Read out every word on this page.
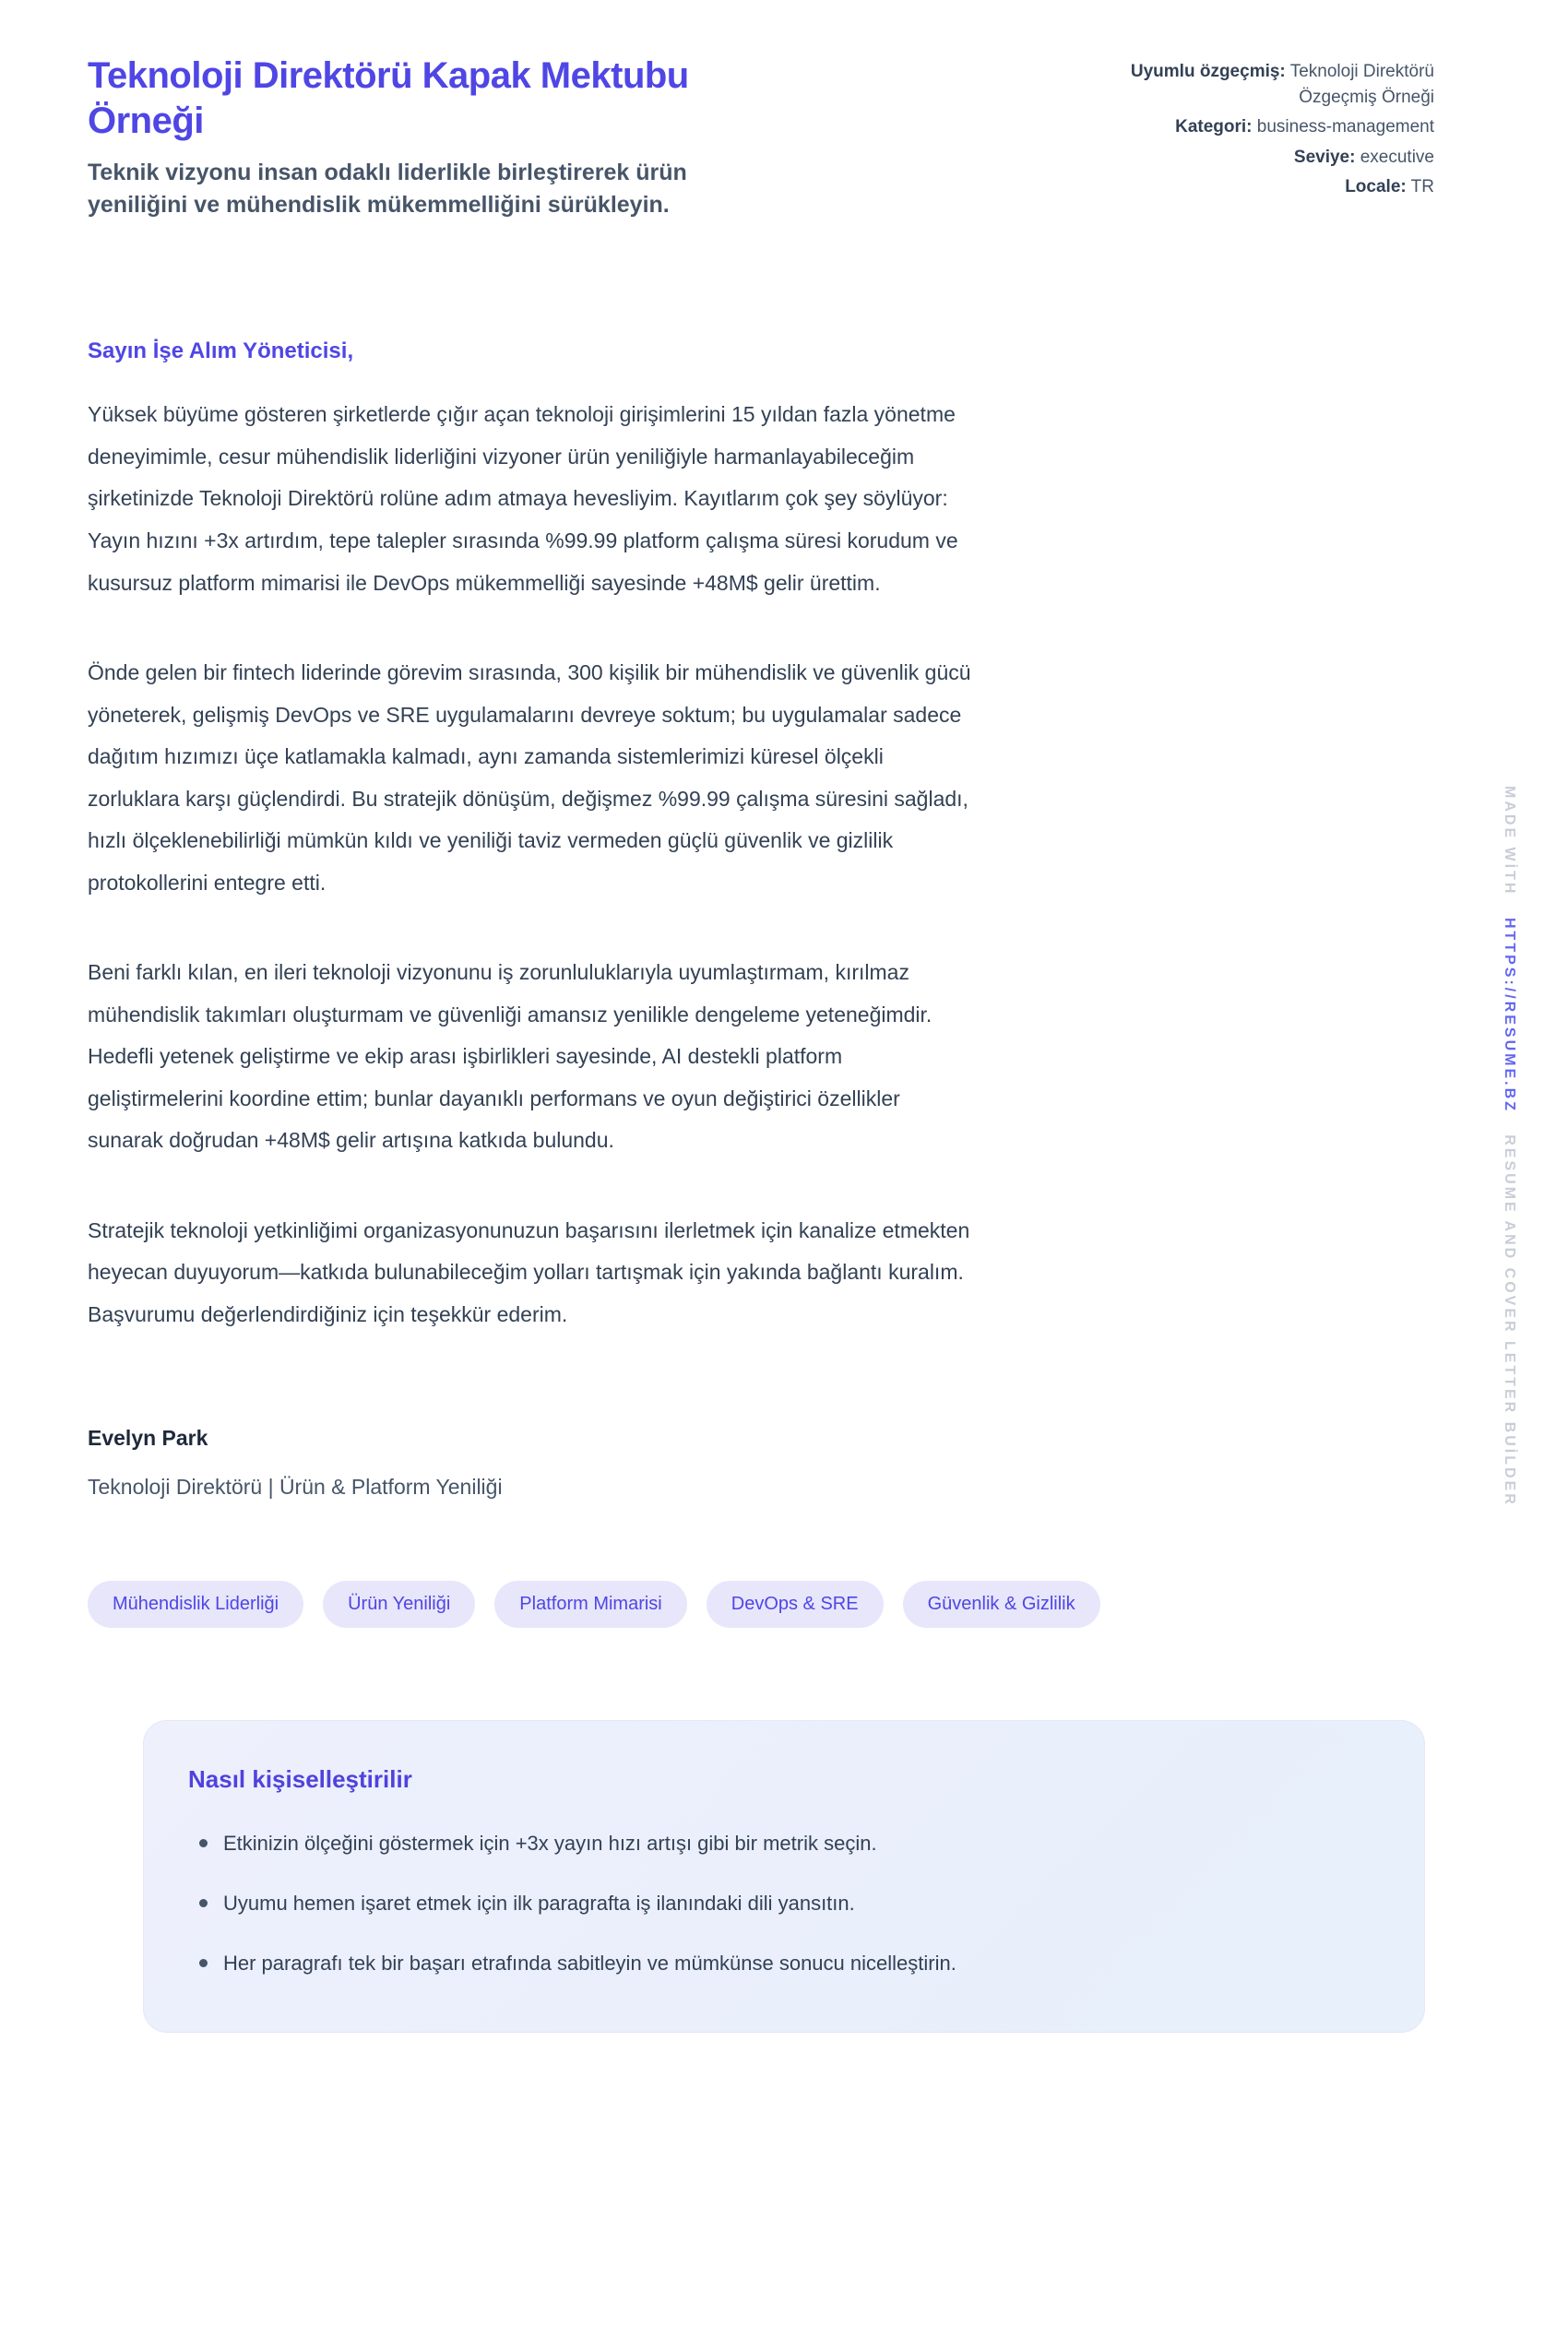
Teknoloji Direktörü Kapak Mektubu Örneği
Teknik vizyonu insan odaklı liderlikle birleştirerek ürün yeniliğini ve mühendislik mükemmelliğini sürükleyin.
Uyumlu özgeçmiş: Teknoloji Direktörü Özgeçmiş Örneği
Kategori: business-management
Seviye: executive
Locale: TR
Sayın İşe Alım Yöneticisi,

Yüksek büyüme gösteren şirketlerde çığır açan teknoloji girişimlerini 15 yıldan fazla yönetme deneyimimle, cesur mühendislik liderliğini vizyoner ürün yeniliğiyle harmanlayabileceğim şirketinizde Teknoloji Direktörü rolüne adım atmaya hevesliyim. Kayıtlarım çok şey söylüyor: Yayın hızını +3x artırdım, tepe talepler sırasında %99.99 platform çalışma süresi korudum ve kusursuz platform mimarisi ile DevOps mükemmelliği sayesinde +48M$ gelir ürettim.

Önde gelen bir fintech liderinde görevim sırasında, 300 kişilik bir mühendislik ve güvenlik gücü yöneterek, gelişmiş DevOps ve SRE uygulamalarını devreye soktum; bu uygulamalar sadece dağıtım hızımızı üçe katlamakla kalmadı, aynı zamanda sistemlerimizi küresel ölçekli zorluklara karşı güçlendirdi. Bu stratejik dönüşüm, değişmez %99.99 çalışma süresini sağladı, hızlı ölçeklenebilirliği mümkün kıldı ve yeniliği taviz vermeden güçlü güvenlik ve gizlilik protokollerini entegre etti.

Beni farklı kılan, en ileri teknoloji vizyonunu iş zorunluluklarıyla uyumlaştırmam, kırılmaz mühendislik takımları oluşturmam ve güvenliği amansız yenilikle dengeleme yeteneğimdir. Hedefli yetenek geliştirme ve ekip arası işbirlikleri sayesinde, AI destekli platform geliştirmelerini koordine ettim; bunlar dayanıklı performans ve oyun değiştirici özellikler sunarak doğrudan +48M$ gelir artışına katkıda bulundu.

Stratejik teknoloji yetkinliğimi organizasyonunuzun başarısını ilerletmek için kanalize etmekten heyecan duyuyorum—katkıda bulunabileceğim yolları tartışmak için yakında bağlantı kuralım. Başvurumu değerlendirdiğiniz için teşekkür ederim.

Evelyn Park
Teknoloji Direktörü | Ürün & Platform Yeniliği
Mühendislik Liderliği	Ürün Yeniliği	Platform Mimarisi	DevOps & SRE	Güvenlik & Gizlilik
Nasıl kişiselleştirilir
Etkinizin ölçeğini göstermek için +3x yayın hızı artışı gibi bir metrik seçin.
Uyumu hemen işaret etmek için ilk paragrafta iş ilanındaki dili yansıtın.
Her paragrafı tek bir başarı etrafında sabitleyin ve mümkünse sonucu nicelleştirin.
MADE WİTH HTTPS://RESUME.BZ RESUME AND COVER LETTER BUİLDER
